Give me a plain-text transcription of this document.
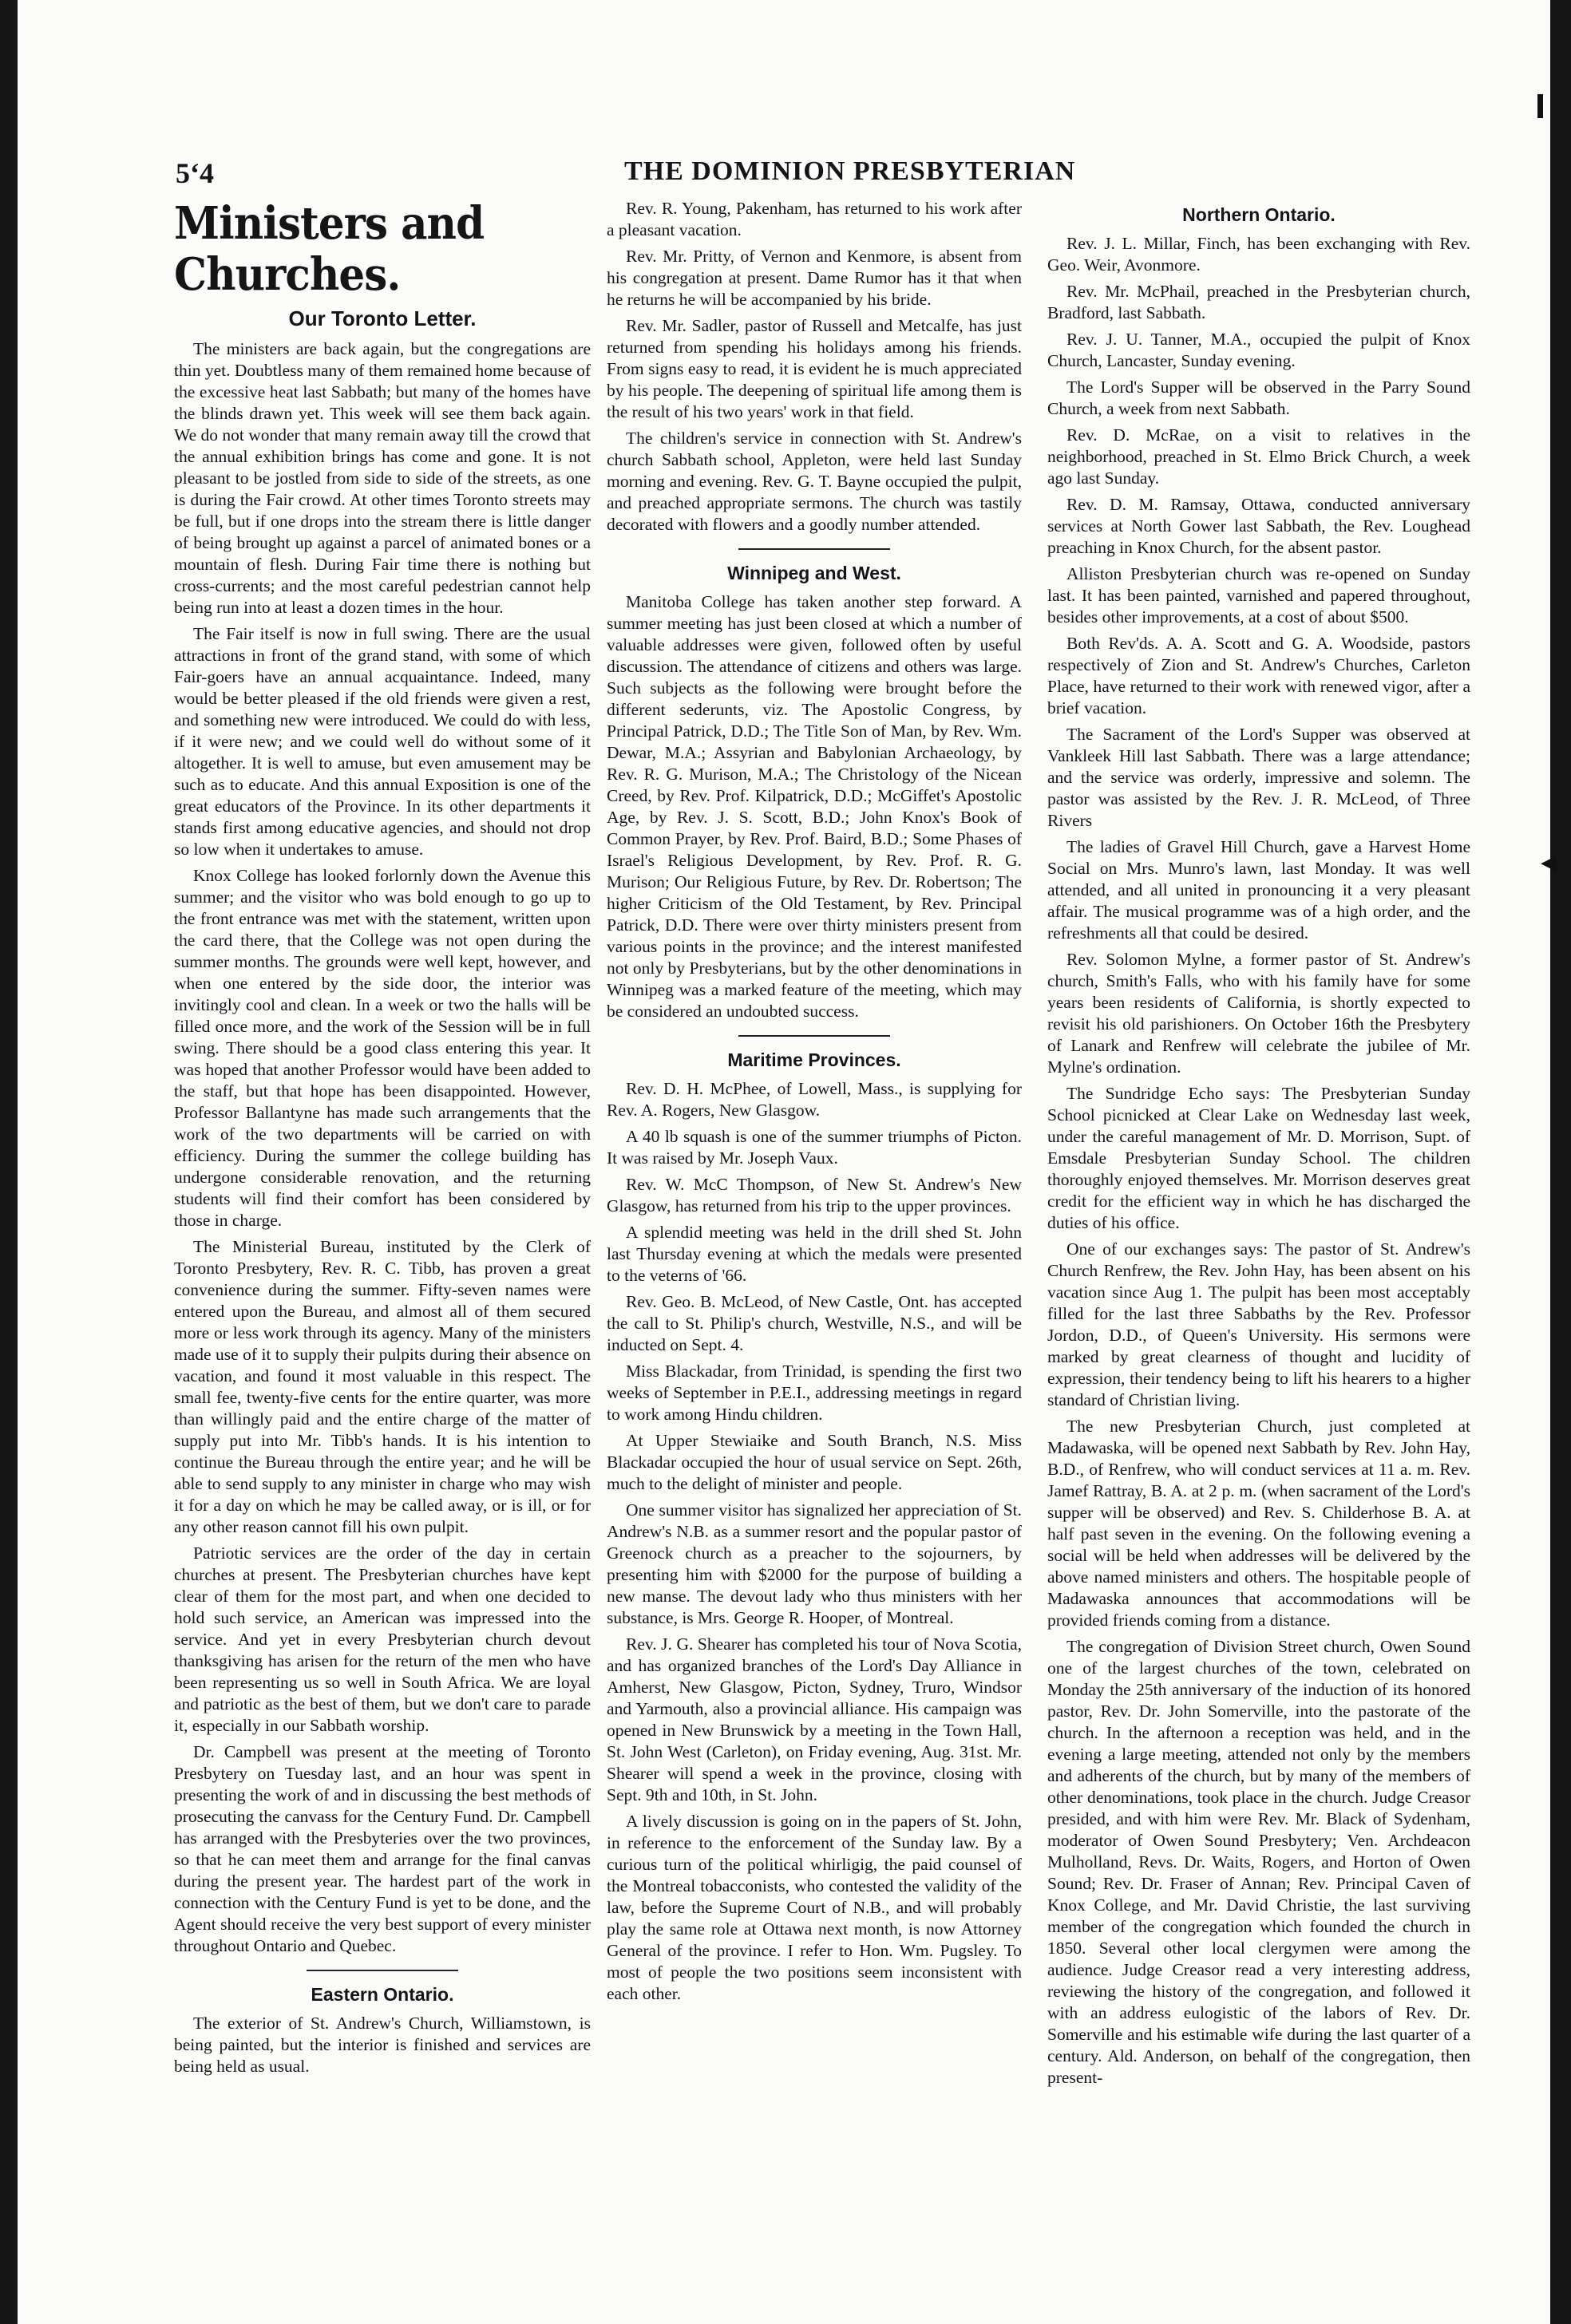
◀
5‘4	THE DOMINION PRESBYTERIAN
Ministers and Churches.
Our Toronto Letter.

The ministers are back again, but the congregations are thin yet. Doubtless many of them remained home because of the excessive heat last Sabbath; but many of the homes have the blinds drawn yet. This week will see them back again. We do not wonder that many remain away till the crowd that the annual exhibition brings has come and gone. It is not pleasant to be jostled from side to side of the streets, as one is during the Fair crowd. At other times Toronto streets may be full, but if one drops into the stream there is little danger of being brought up against a parcel of animated bones or a mountain of flesh. During Fair time there is nothing but cross-currents; and the most careful pedestrian cannot help being run into at least a dozen times in the hour.

The Fair itself is now in full swing. There are the usual attractions in front of the grand stand, with some of which Fair-goers have an annual acquaintance. Indeed, many would be better pleased if the old friends were given a rest, and something new were introduced. We could do with less, if it were new; and we could well do without some of it altogether. It is well to amuse, but even amusement may be such as to educate. And this annual Exposition is one of the great educators of the Province. In its other departments it stands first among educative agencies, and should not drop so low when it undertakes to amuse.

Knox College has looked forlornly down the Avenue this summer; and the visitor who was bold enough to go up to the front entrance was met with the statement, written upon the card there, that the College was not open during the summer months. The grounds were well kept, however, and when one entered by the side door, the interior was invitingly cool and clean. In a week or two the halls will be filled once more, and the work of the Session will be in full swing. There should be a good class entering this year. It was hoped that another Professor would have been added to the staff, but that hope has been disappointed. However, Professor Ballantyne has made such arrangements that the work of the two departments will be carried on with efficiency. During the summer the college building has undergone considerable renovation, and the returning students will find their comfort has been considered by those in charge.

The Ministerial Bureau, instituted by the Clerk of Toronto Presbytery, Rev. R. C. Tibb, has proven a great convenience during the summer. Fifty-seven names were entered upon the Bureau, and almost all of them secured more or less work through its agency. Many of the ministers made use of it to supply their pulpits during their absence on vacation, and found it most valuable in this respect. The small fee, twenty-five cents for the entire quarter, was more than willingly paid and the entire charge of the matter of supply put into Mr. Tibb's hands. It is his intention to continue the Bureau through the entire year; and he will be able to send supply to any minister in charge who may wish it for a day on which he may be called away, or is ill, or for any other reason cannot fill his own pulpit.

Patriotic services are the order of the day in certain churches at present. The Presbyterian churches have kept clear of them for the most part, and when one decided to hold such service, an American was impressed into the service. And yet in every Presbyterian church devout thanksgiving has arisen for the return of the men who have been representing us so well in South Africa. We are loyal and patriotic as the best of them, but we don't care to parade it, especially in our Sabbath worship.

Dr. Campbell was present at the meeting of Toronto Presbytery on Tuesday last, and an hour was spent in presenting the work of and in discussing the best methods of prosecuting the canvass for the Century Fund. Dr. Campbell has arranged with the Presbyteries over the two provinces, so that he can meet them and arrange for the final canvas during the present year. The hardest part of the work in connection with the Century Fund is yet to be done, and the Agent should receive the very best support of every minister throughout Ontario and Quebec.

Eastern Ontario.

The exterior of St. Andrew's Church, Williamstown, is being painted, but the interior is finished and services are being held as usual.

Rev. R. Young, Pakenham, has returned to his work after a pleasant vacation.

Rev. Mr. Pritty, of Vernon and Kenmore, is absent from his congregation at present. Dame Rumor has it that when he returns he will be accompanied by his bride.

Rev. Mr. Sadler, pastor of Russell and Metcalfe, has just returned from spending his holidays among his friends. From signs easy to read, it is evident he is much appreciated by his people. The deepening of spiritual life among them is the result of his two years' work in that field.

The children's service in connection with St. Andrew's church Sabbath school, Appleton, were held last Sunday morning and evening. Rev. G. T. Bayne occupied the pulpit, and preached appropriate sermons. The church was tastily decorated with flowers and a goodly number attended.

Winnipeg and West.

Manitoba College has taken another step forward. A summer meeting has just been closed at which a number of valuable addresses were given, followed often by useful discussion. The attendance of citizens and others was large. Such subjects as the following were brought before the different sederunts, viz. The Apostolic Congress, by Principal Patrick, D.D.; The Title Son of Man, by Rev. Wm. Dewar, M.A.; Assyrian and Babylonian Archaeology, by Rev. R. G. Murison, M.A.; The Christology of the Nicean Creed, by Rev. Prof. Kilpatrick, D.D.; McGiffet's Apostolic Age, by Rev. J. S. Scott, B.D.; John Knox's Book of Common Prayer, by Rev. Prof. Baird, B.D.; Some Phases of Israel's Religious Development, by Rev. Prof. R. G. Murison; Our Religious Future, by Rev. Dr. Robertson; The higher Criticism of the Old Testament, by Rev. Principal Patrick, D.D. There were over thirty ministers present from various points in the province; and the interest manifested not only by Presbyterians, but by the other denominations in Winnipeg was a marked feature of the meeting, which may be considered an undoubted success.

Maritime Provinces.

Rev. D. H. McPhee, of Lowell, Mass., is supplying for Rev. A. Rogers, New Glasgow.

A 40 lb squash is one of the summer triumphs of Picton. It was raised by Mr. Joseph Vaux.

Rev. W. McC Thompson, of New St. Andrew's New Glasgow, has returned from his trip to the upper provinces.

A splendid meeting was held in the drill shed St. John last Thursday evening at which the medals were presented to the veterns of '66.

Rev. Geo. B. McLeod, of New Castle, Ont. has accepted the call to St. Philip's church, Westville, N.S., and will be inducted on Sept. 4.

Miss Blackadar, from Trinidad, is spending the first two weeks of September in P.E.I., addressing meetings in regard to work among Hindu children.

At Upper Stewiaike and South Branch, N.S. Miss Blackadar occupied the hour of usual service on Sept. 26th, much to the delight of minister and people.

One summer visitor has signalized her appreciation of St. Andrew's N.B. as a summer resort and the popular pastor of Greenock church as a preacher to the sojourners, by presenting him with $2000 for the purpose of building a new manse. The devout lady who thus ministers with her substance, is Mrs. George R. Hooper, of Montreal.

Rev. J. G. Shearer has completed his tour of Nova Scotia, and has organized branches of the Lord's Day Alliance in Amherst, New Glasgow, Picton, Sydney, Truro, Windsor and Yarmouth, also a provincial alliance. His campaign was opened in New Brunswick by a meeting in the Town Hall, St. John West (Carleton), on Friday evening, Aug. 31st. Mr. Shearer will spend a week in the province, closing with Sept. 9th and 10th, in St. John.

A lively discussion is going on in the papers of St. John, in reference to the enforcement of the Sunday law. By a curious turn of the political whirligig, the paid counsel of the Montreal tobacconists, who contested the validity of the law, before the Supreme Court of N.B., and will probably play the same role at Ottawa next month, is now Attorney General of the province. I refer to Hon. Wm. Pugsley. To most of people the two positions seem inconsistent with each other.

Northern Ontario.

Rev. J. L. Millar, Finch, has been exchanging with Rev. Geo. Weir, Avonmore.

Rev. Mr. McPhail, preached in the Presbyterian church, Bradford, last Sabbath.

Rev. J. U. Tanner, M.A., occupied the pulpit of Knox Church, Lancaster, Sunday evening.

The Lord's Supper will be observed in the Parry Sound Church, a week from next Sabbath.

Rev. D. McRae, on a visit to relatives in the neighborhood, preached in St. Elmo Brick Church, a week ago last Sunday.

Rev. D. M. Ramsay, Ottawa, conducted anniversary services at North Gower last Sabbath, the Rev. Loughead preaching in Knox Church, for the absent pastor.

Alliston Presbyterian church was re-opened on Sunday last. It has been painted, varnished and papered throughout, besides other improvements, at a cost of about $500.

Both Rev'ds. A. A. Scott and G. A. Woodside, pastors respectively of Zion and St. Andrew's Churches, Carleton Place, have returned to their work with renewed vigor, after a brief vacation.

The Sacrament of the Lord's Supper was observed at Vankleek Hill last Sabbath. There was a large attendance; and the service was orderly, impressive and solemn. The pastor was assisted by the Rev. J. R. McLeod, of Three Rivers

The ladies of Gravel Hill Church, gave a Harvest Home Social on Mrs. Munro's lawn, last Monday. It was well attended, and all united in pronouncing it a very pleasant affair. The musical programme was of a high order, and the refreshments all that could be desired.

Rev. Solomon Mylne, a former pastor of St. Andrew's church, Smith's Falls, who with his family have for some years been residents of California, is shortly expected to revisit his old parishioners. On October 16th the Presbytery of Lanark and Renfrew will celebrate the jubilee of Mr. Mylne's ordination.

The Sundridge Echo says: The Presbyterian Sunday School picnicked at Clear Lake on Wednesday last week, under the careful management of Mr. D. Morrison, Supt. of Emsdale Presbyterian Sunday School. The children thoroughly enjoyed themselves. Mr. Morrison deserves great credit for the efficient way in which he has discharged the duties of his office.

One of our exchanges says: The pastor of St. Andrew's Church Renfrew, the Rev. John Hay, has been absent on his vacation since Aug 1. The pulpit has been most acceptably filled for the last three Sabbaths by the Rev. Professor Jordon, D.D., of Queen's University. His sermons were marked by great clearness of thought and lucidity of expression, their tendency being to lift his hearers to a higher standard of Christian living.

The new Presbyterian Church, just completed at Madawaska, will be opened next Sabbath by Rev. John Hay, B.D., of Renfrew, who will conduct services at 11 a. m. Rev. Jamef Rattray, B. A. at 2 p. m. (when sacrament of the Lord's supper will be observed) and Rev. S. Childerhose B. A. at half past seven in the evening. On the following evening a social will be held when addresses will be delivered by the above named ministers and others. The hospitable people of Madawaska announces that accommodations will be provided friends coming from a distance.

The congregation of Division Street church, Owen Sound one of the largest churches of the town, celebrated on Monday the 25th anniversary of the induction of its honored pastor, Rev. Dr. John Somerville, into the pastorate of the church. In the afternoon a reception was held, and in the evening a large meeting, attended not only by the members and adherents of the church, but by many of the members of other denominations, took place in the church. Judge Creasor presided, and with him were Rev. Mr. Black of Sydenham, moderator of Owen Sound Presbytery; Ven. Archdeacon Mulholland, Revs. Dr. Waits, Rogers, and Horton of Owen Sound; Rev. Dr. Fraser of Annan; Rev. Principal Caven of Knox College, and Mr. David Christie, the last surviving member of the congregation which founded the church in 1850. Several other local clergymen were among the audience. Judge Creasor read a very interesting address, reviewing the history of the congregation, and followed it with an address eulogistic of the labors of Rev. Dr. Somerville and his estimable wife during the last quarter of a century. Ald. Anderson, on behalf of the congregation, then present-
